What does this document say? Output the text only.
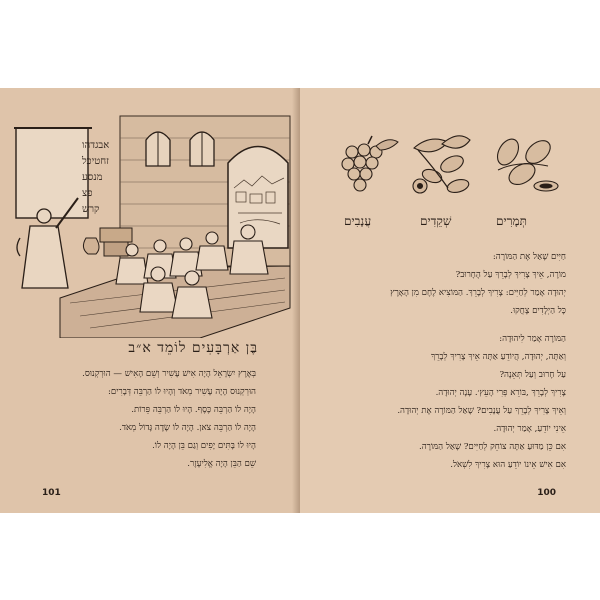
אבגדהו
זחטיכל
מנסע
פצ
קרש
בֶּן אַרְבָּעִים לוֹמֵד א״ב
בְּאֶרֶץ יִשְׂרָאֵל הָיָה אִישׁ עָשִׁיר וְשֵׁם הָאִישׁ — הוּרְקְנוּס.
הוּרְקְנוּס הָיָה עָשִׁיר מְאֹד וְהָיוּ לוֹ הַרְבֵּה דְּבָרִים:
הָיָה לוֹ הַרְבֵּה כֶּסֶף. הָיוּ לוֹ הַרְבֵּה פֵּרוֹת.
הָיָה לוֹ הַרְבֵּה צֹאן. הָיָה לוֹ שָׂדֶה גָּדוֹל מְאֹד.
הָיוּ לוֹ בָּתִּים יָפִים וְגַם בֵּן הָיָה לוֹ.
שֵׁם הַבֵּן הָיָה אֱלִיעֶזֶר.
101
תְּמָרִים
שְׁקֵדִים
עֲנָבִים
חַיִּים שָׁאַל אֶת הַמּוֹרֶה:
מוֹרֶה, אֵיךְ צָרִיךְ לְבָרֵךְ עַל הֶחָרוּב?
יְהוּדָה אָמַר לְחַיִּים: צָרִיךְ לְבָרֵךְ. הַמּוֹצִיא לֶחֶם מִן הָאָרֶץ
כָּל הַיְלָדִים צָחֲקוּ.
הַמּוֹרֶה אָמַר לִיהוּדָה:
וְאַתָּה, יְהוּדָה, הֲיוֹדֵעַ אַתָּה אֵיךְ צָרִיךְ לְבָרֵךְ
עַל חָרוּב וְעַל תְּאֵנָה?
צָרִיךְ לְבָרֵךְ ,בּוֹרֵא פְּרִי הָעֵץ׳. עָנָה יְהוּדָה.
וְאֵיךְ צָרִיךְ לְבָרֵךְ עַל עֲנָבִים? שָׁאַל הַמּוֹרֶה אֶת יְהוּדָה.
אֵינִי יוֹדֵעַ, אָמַר יְהוּדָה.
אִם כֵּן מַדּוּעַ אַתָּה צוֹחֵק לְחַיִּים? שָׁאַל הַמּוֹרֶה.
אִם אִישׁ אֵינוֹ יוֹדֵעַ הוּא צָרִיךְ לִשְׁאֹל.
100
